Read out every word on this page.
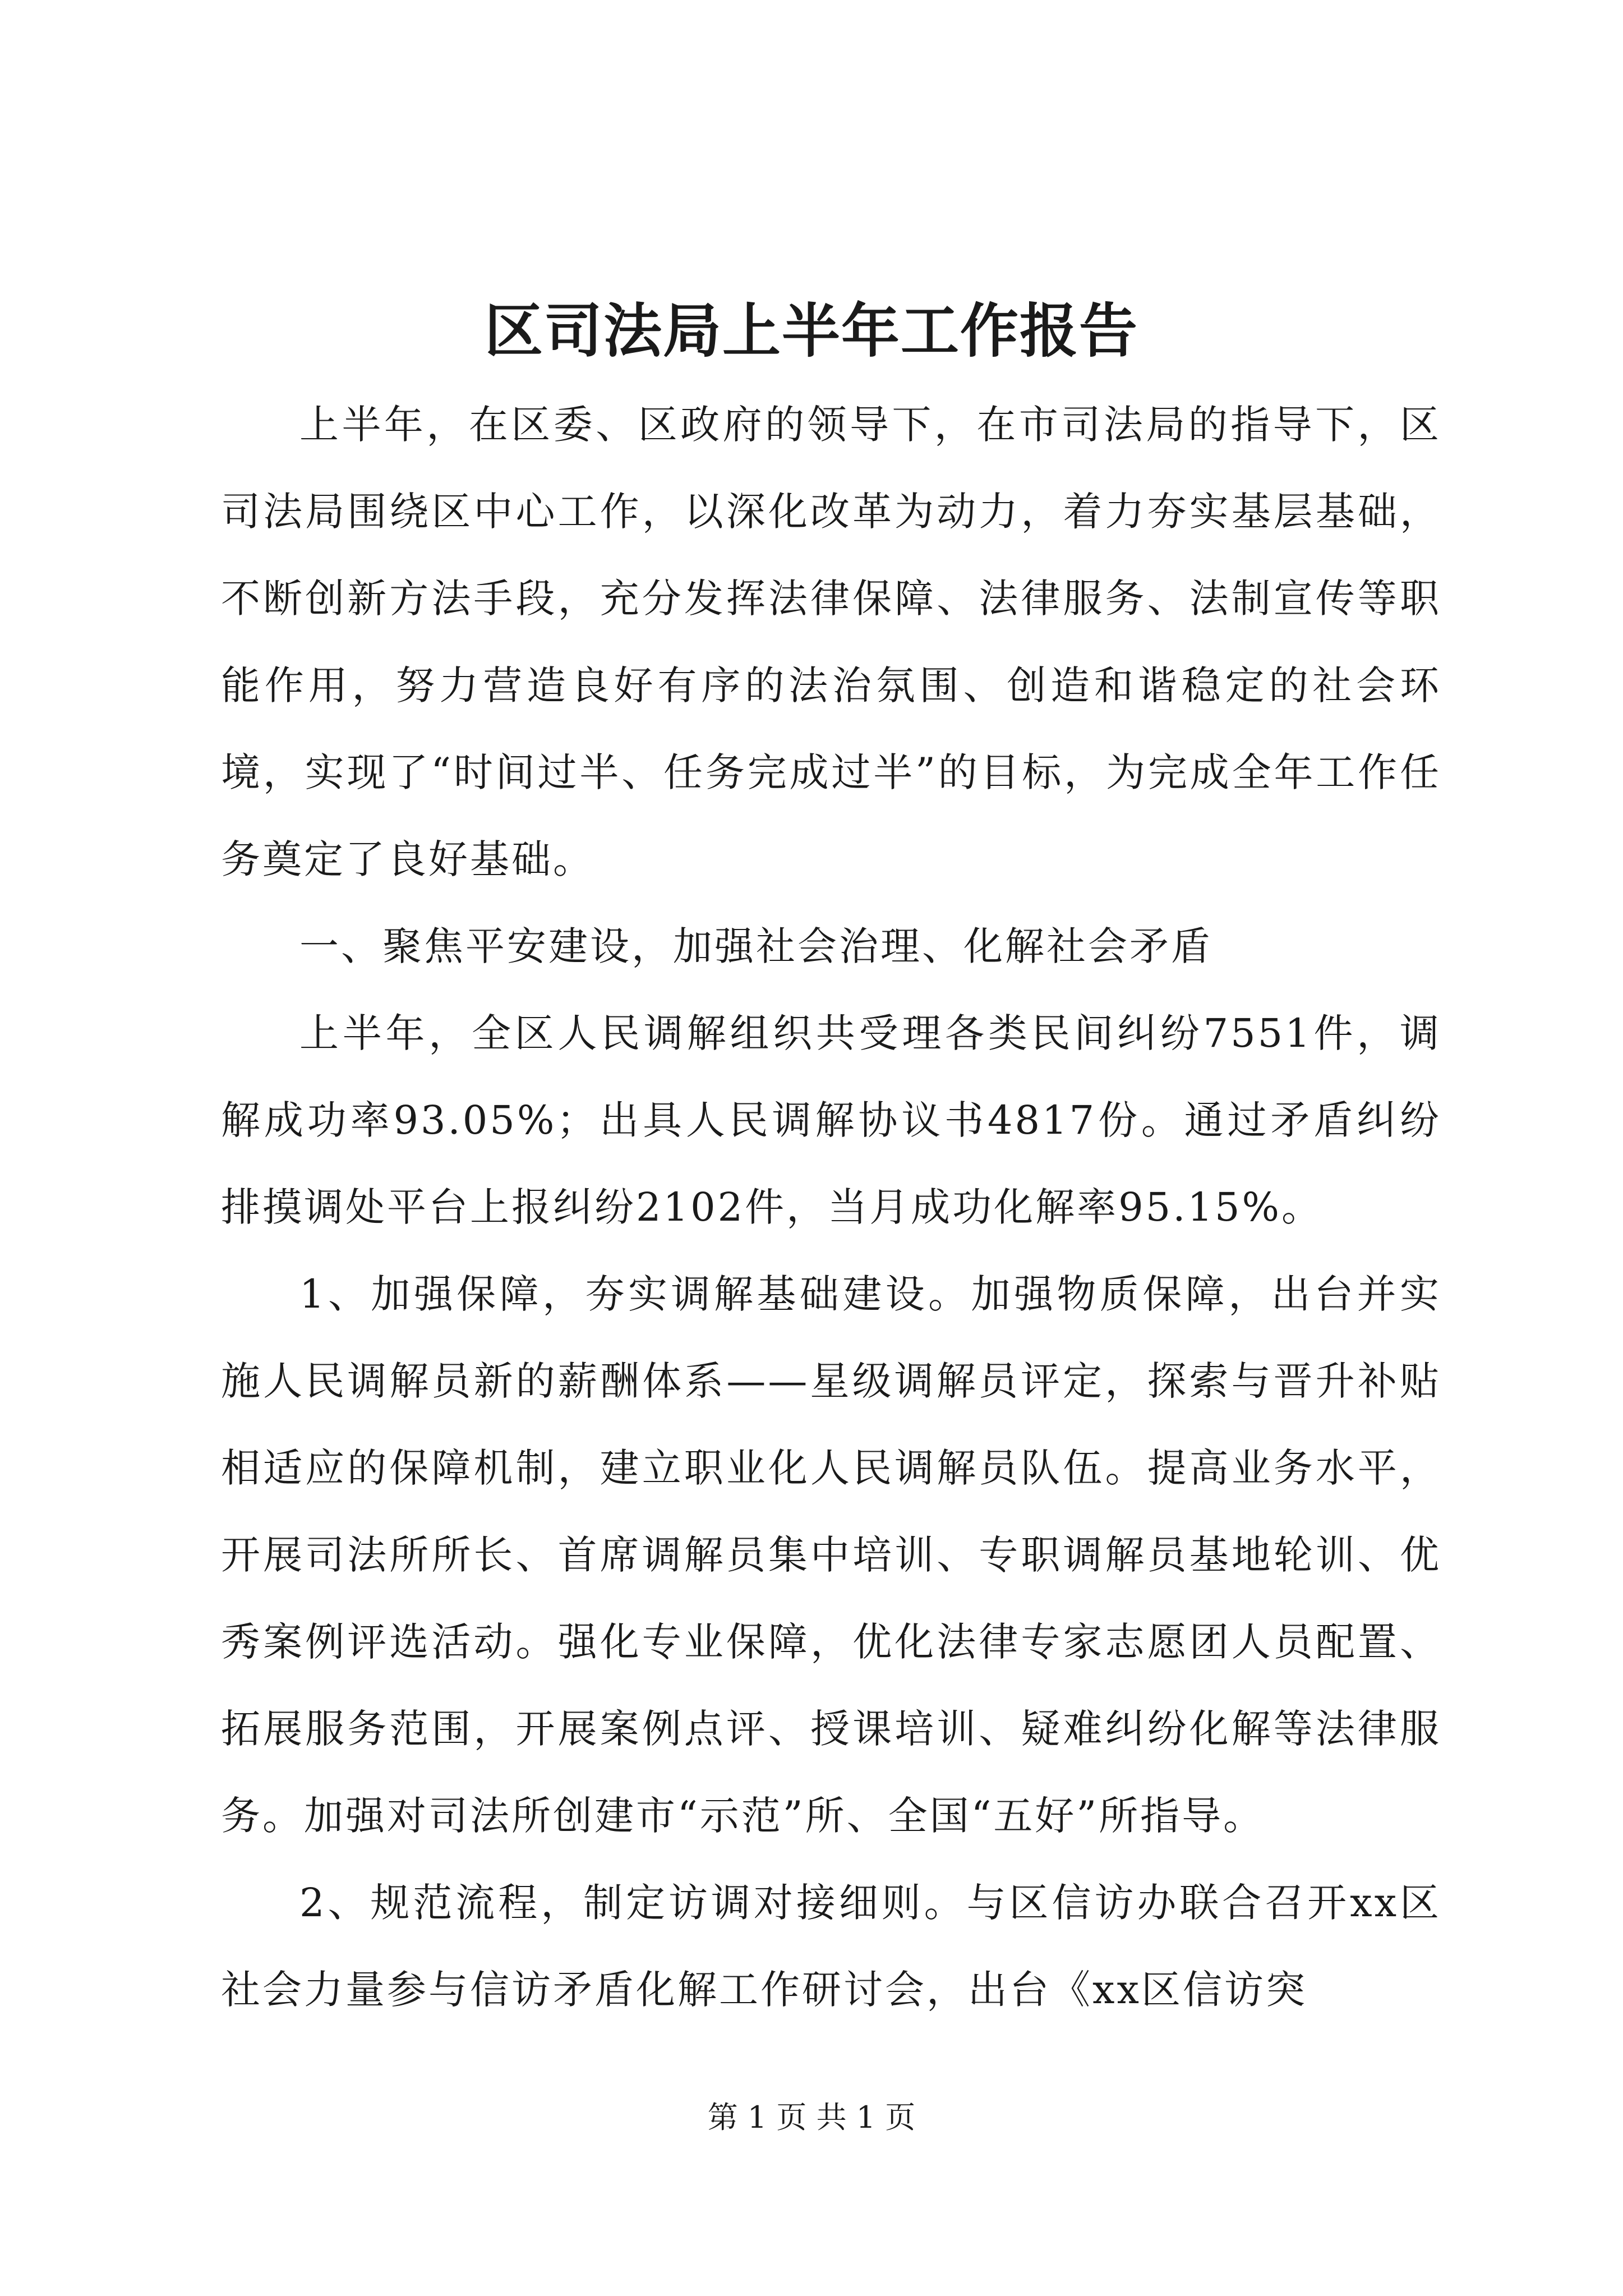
区司法局上半年工作报告

上半年，在区委、区政府的领导下，在市司法局的指导下，区司法局围绕区中心工作，以深化改革为动力，着力夯实基层基础，不断创新方法手段，充分发挥法律保障、法律服务、法制宣传等职能作用，努力营造良好有序的法治氛围、创造和谐稳定的社会环境，实现了“时间过半、任务完成过半”的目标，为完成全年工作任务奠定了良好基础。

一、聚焦平安建设，加强社会治理、化解社会矛盾

上半年，全区人民调解组织共受理各类民间纠纷7551件，调解成功率93.05%；出具人民调解协议书4817份。通过矛盾纠纷排摸调处平台上报纠纷2102件，当月成功化解率95.15%。

1、加强保障，夯实调解基础建设。加强物质保障，出台并实施人民调解员新的薪酬体系——星级调解员评定，探索与晋升补贴相适应的保障机制，建立职业化人民调解员队伍。提高业务水平，开展司法所所长、首席调解员集中培训、专职调解员基地轮训、优秀案例评选活动。强化专业保障，优化法律专家志愿团人员配置、拓展服务范围，开展案例点评、授课培训、疑难纠纷化解等法律服务。加强对司法所创建市“示范”所、全国“五好”所指导。

2、规范流程，制定访调对接细则。与区信访办联合召开xx区社会力量参与信访矛盾化解工作研讨会，出台《xx区信访突

第 1 页 共 1 页
